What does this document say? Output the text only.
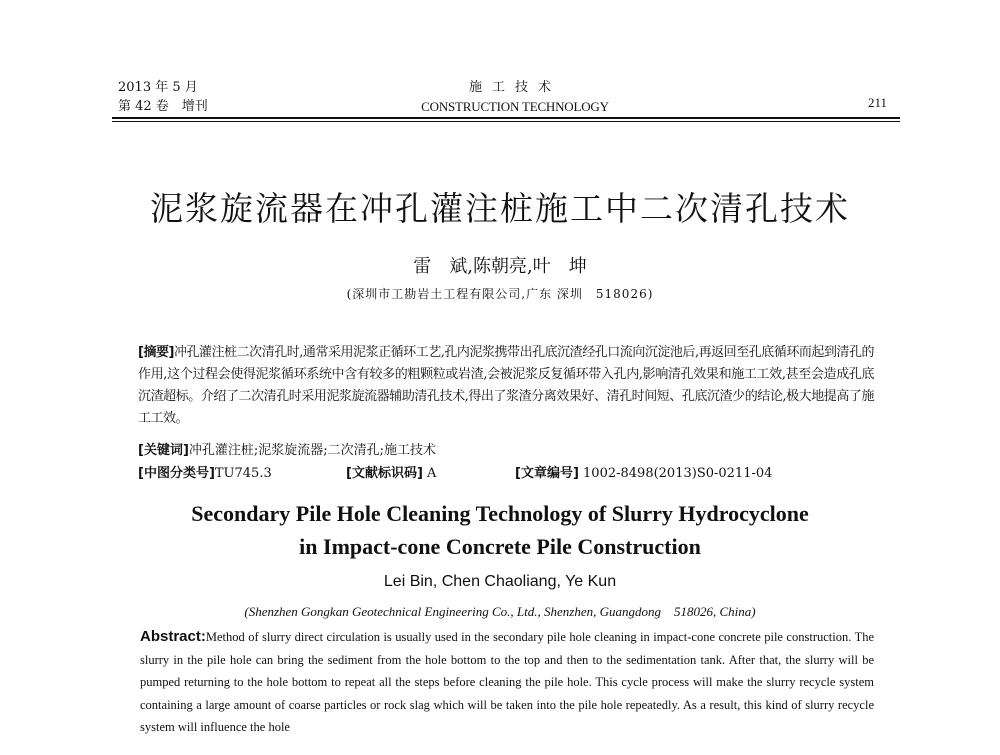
2013 年 5 月
第 42 卷　增刊
施工技术
CONSTRUCTION TECHNOLOGY	211
泥浆旋流器在冲孔灌注桩施工中二次清孔技术
雷　斌,陈朝亮,叶　坤
(深圳市工勘岩土工程有限公司,广东 深圳　518026)
[摘要]冲孔灌注桩二次清孔时,通常采用泥浆正循环工艺,孔内泥浆携带出孔底沉渣经孔口流向沉淀池后,再返回至孔底循环而起到清孔的作用,这个过程会使得泥浆循环系统中含有较多的粗颗粒或岩渣,会被泥浆反复循环带入孔内,影响清孔效果和施工工效,甚至会造成孔底沉渣超标。介绍了二次清孔时采用泥浆旋流器辅助清孔技术,得出了浆渣分离效果好、清孔时间短、孔底沉渣少的结论,极大地提高了施工工效。
[关键词]冲孔灌注桩;泥浆旋流器;二次清孔;施工技术
[中图分类号]TU745.3	[文献标识码] A	[文章编号] 1002-8498(2013)S0-0211-04
Secondary Pile Hole Cleaning Technology of Slurry Hydrocyclone
in Impact-cone Concrete Pile Construction
Lei Bin, Chen Chaoliang, Ye Kun
(Shenzhen Gongkan Geotechnical Engineering Co., Ltd., Shenzhen, Guangdong　518026, China)
Abstract:Method of slurry direct circulation is usually used in the secondary pile hole cleaning in impact-cone concrete pile construction. The slurry in the pile hole can bring the sediment from the hole bottom to the top and then to the sedimentation tank. After that, the slurry will be pumped returning to the hole bottom to repeat all the steps before cleaning the pile hole. This cycle process will make the slurry recycle system containing a large amount of coarse particles or rock slag which will be taken into the pile hole repeatedly. As a result, this kind of slurry recycle system will influence the hole
